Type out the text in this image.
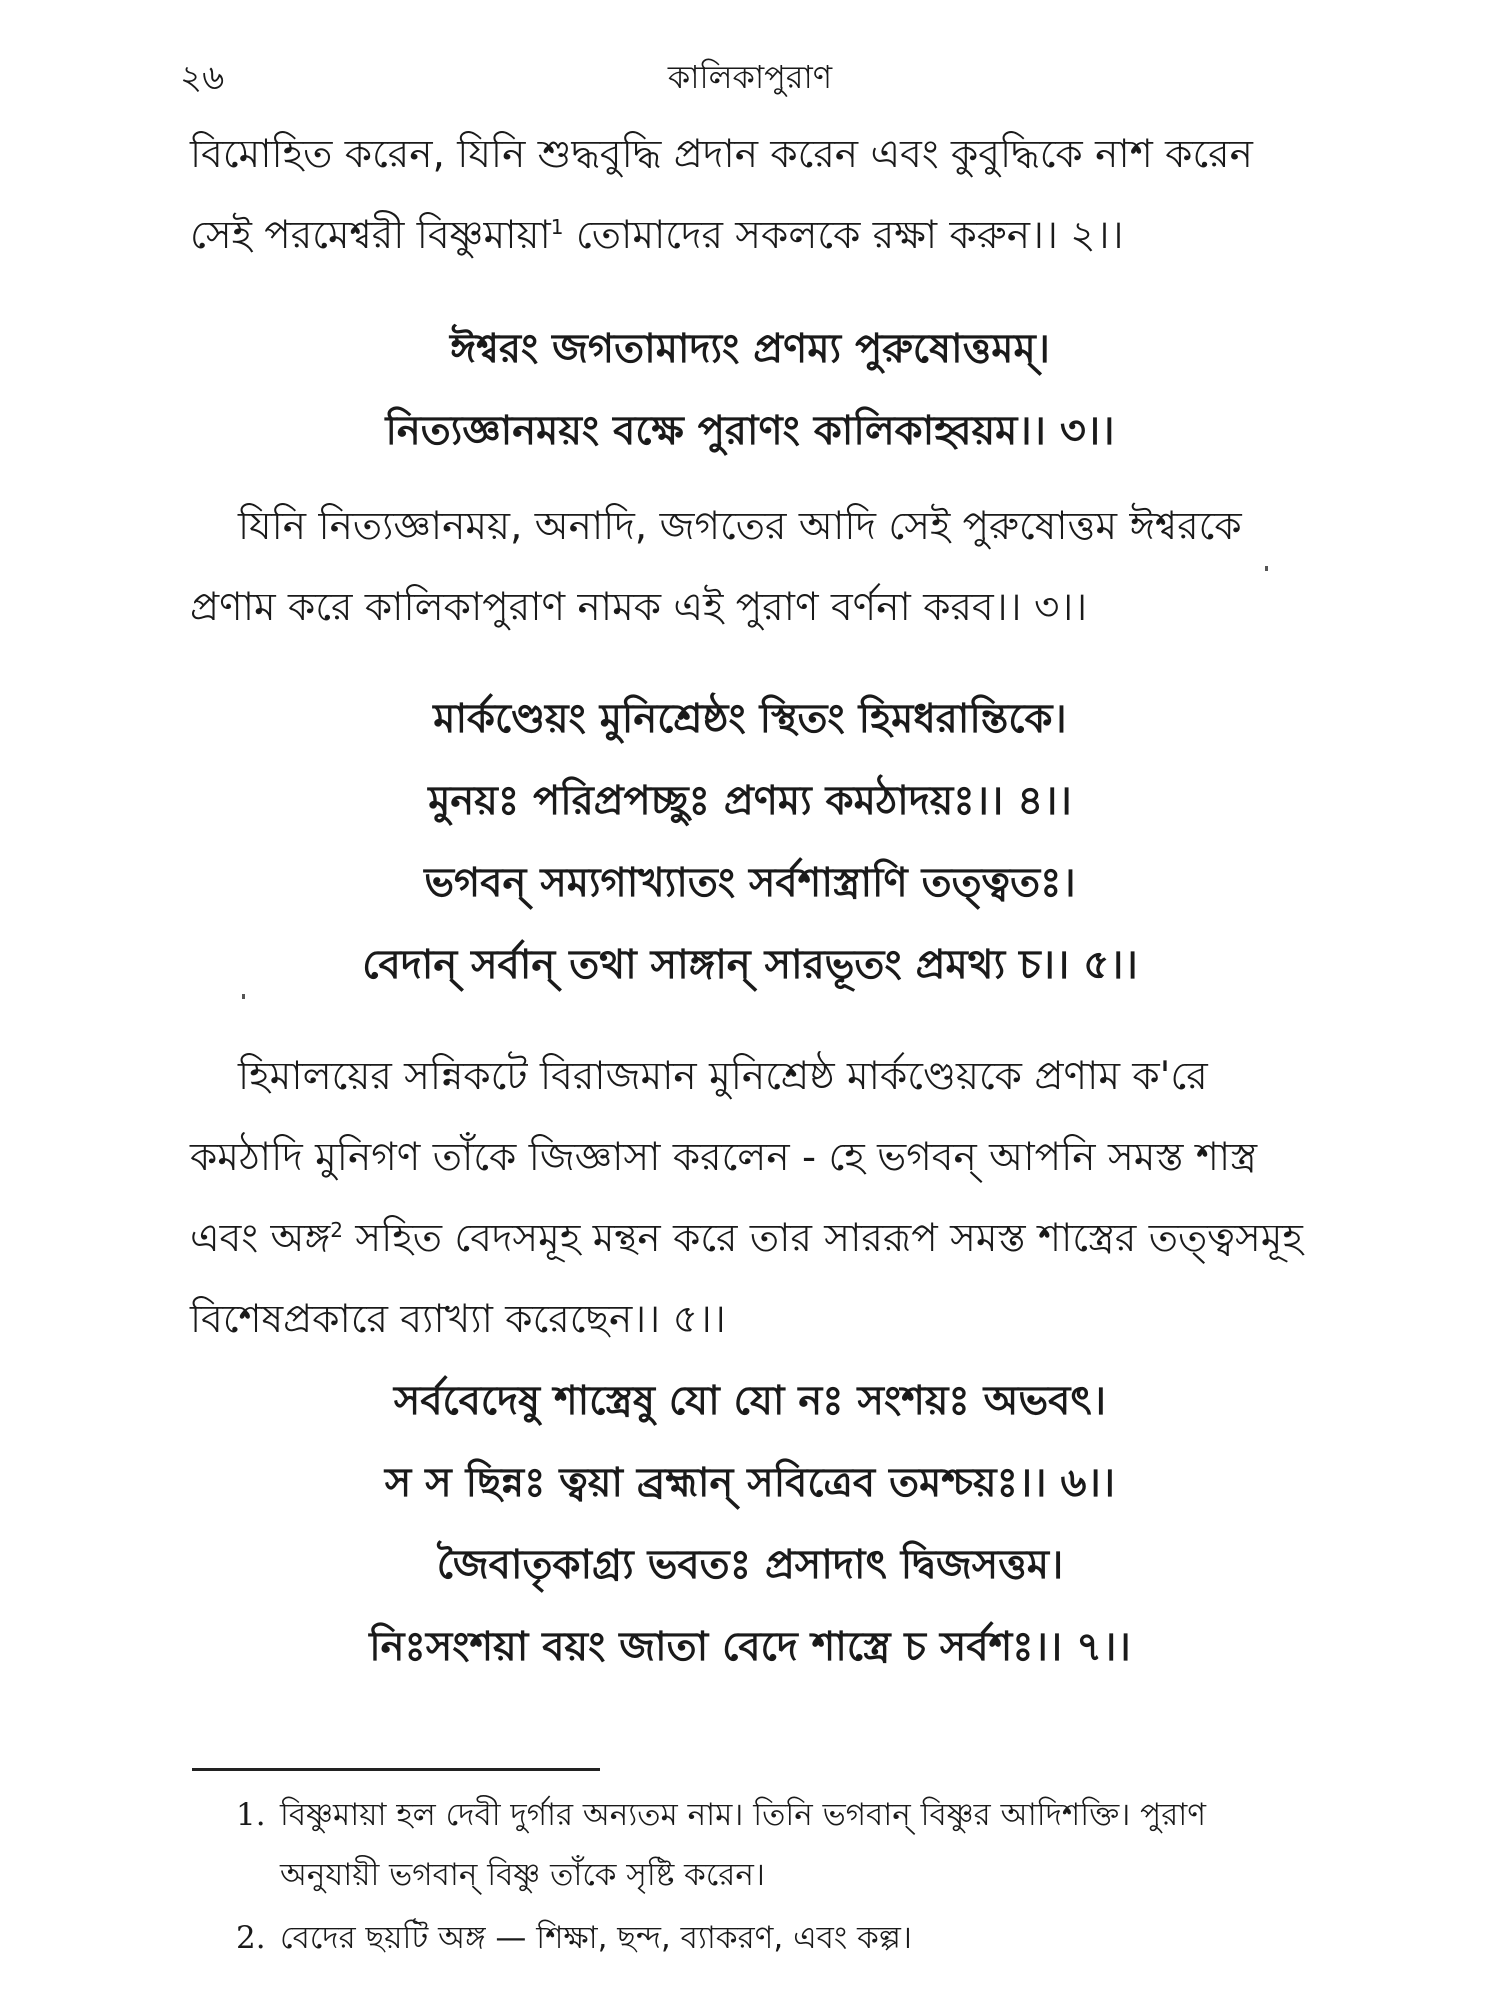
২৬	কালিকাপুরাণ

বিমোহিত করেন, যিনি শুদ্ধবুদ্ধি প্রদান করেন এবং কুবুদ্ধিকে নাশ করেন
সেই পরমেশ্বরী বিষ্ণুমায়া$^1$ তোমাদের সকলকে রক্ষা করুন।। ২।।

ঈশ্বরং জগতামাদ্যং প্রণম্য পুরুষোত্তমম্।
নিত্যজ্ঞানময়ং বক্ষে পুরাণং কালিকাহ্বয়ম।। ৩।।

যিনি নিত্যজ্ঞানময়, অনাদি, জগতের আদি সেই পুরুষোত্তম ঈশ্বরকে
প্রণাম করে কালিকাপুরাণ নামক এই পুরাণ বর্ণনা করব।। ৩।।

মার্কণ্ডেয়ং মুনিশ্রেষ্ঠং স্থিতং হিমধরান্তিকে।
মুনয়ঃ পরিপ্রপচ্ছুঃ প্রণম্য কমঠাদয়ঃ।। ৪।।
ভগবন্ সম্যগাখ্যাতং সর্বশাস্ত্রাণি তত্ত্বতঃ।
বেদান্ সর্বান্ তথা সাঙ্গান্ সারভূতং প্রমথ্য চ।। ৫।।

হিমালয়ের সন্নিকটে বিরাজমান মুনিশ্রেষ্ঠ মার্কণ্ডেয়কে প্রণাম ক'রে
কমঠাদি মুনিগণ তাঁকে জিজ্ঞাসা করলেন - হে ভগবন্ আপনি সমস্ত শাস্ত্র
এবং অঙ্গ$^2$ সহিত বেদসমূহ মন্থন করে তার সাররূপ সমস্ত শাস্ত্রের তত্ত্বসমূহ
বিশেষপ্রকারে ব্যাখ্যা করেছেন।। ৫।।

সর্ববেদেষু শাস্ত্রেষু যো যো নঃ সংশয়ঃ অভবৎ।
স স ছিন্নঃ ত্বয়া ব্রহ্মান্ সবিত্রেব তমশ্চয়ঃ।। ৬।।
জৈবাতৃকাগ্র্য ভবতঃ প্রসাদাৎ দ্বিজসত্তম।
নিঃসংশয়া বয়ং জাতা বেদে শাস্ত্রে চ সর্বশঃ।। ৭।।
1. বিষ্ণুমায়া হল দেবী দুর্গার অন্যতম নাম। তিনি ভগবান্ বিষ্ণুর আদিশক্তি। পুরাণ
অনুযায়ী ভগবান্ বিষ্ণু তাঁকে সৃষ্টি করেন।
2. বেদের ছয়টি অঙ্গ — শিক্ষা, ছন্দ, ব্যাকরণ, এবং কল্প।
